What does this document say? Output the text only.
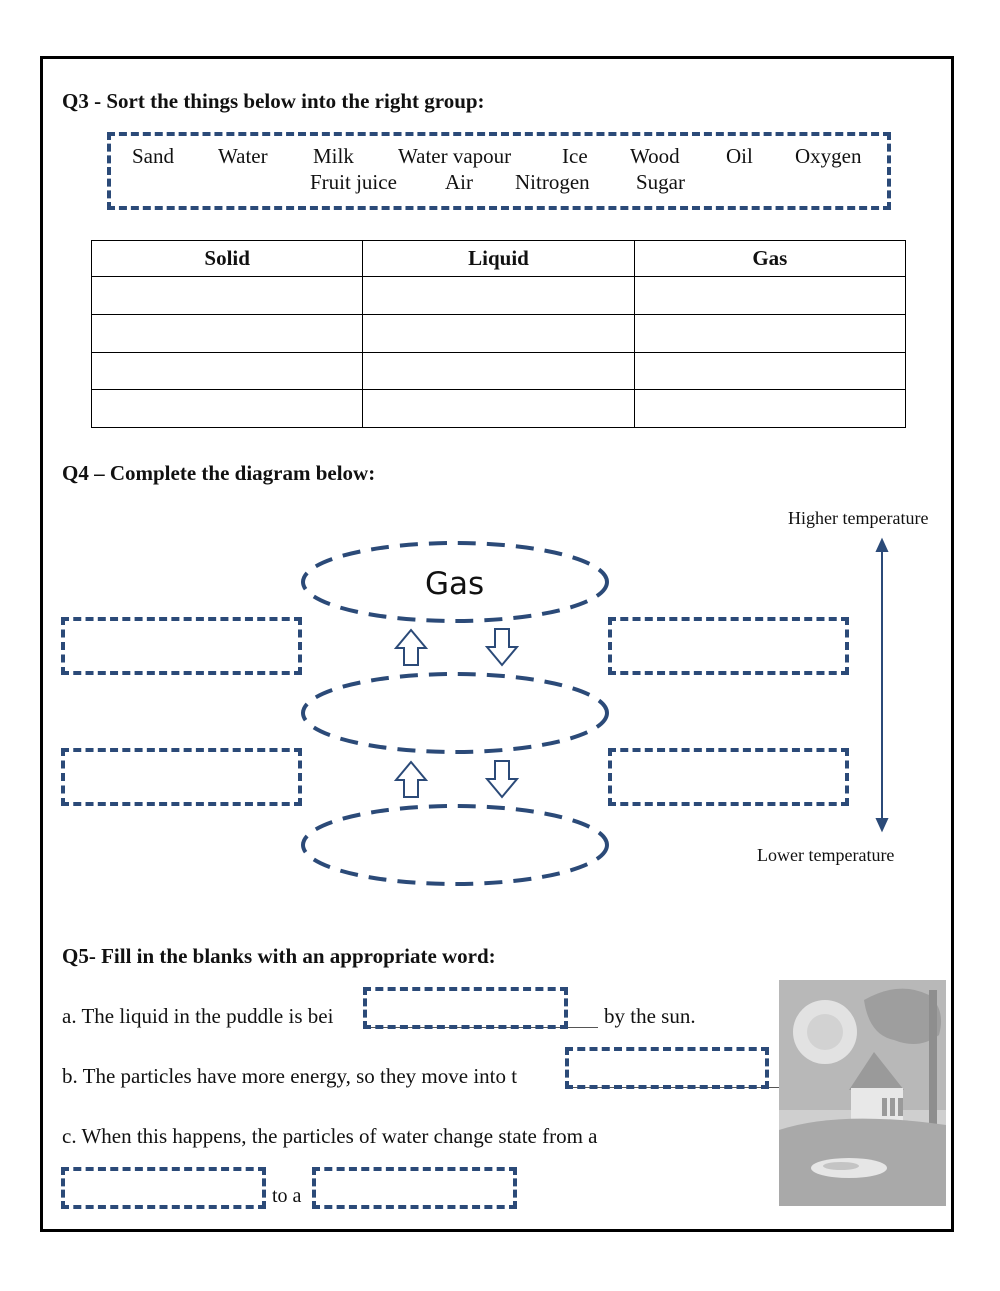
Q3 - Sort the things below into the right group:
Sand Water Milk Water vapour Ice Wood Oil Oxygen
Fruit juice Air Nitrogen Sugar
Solid	Liquid	Gas

Q4 – Complete the diagram below:
Higher temperature
Lower temperature
Gas
Q5- Fill in the blanks with an appropriate word:
a. The liquid in the puddle is bei	by the sun.
b. The particles have more energy, so they move into t
c. When this happens, the particles of water change state from a
to a
